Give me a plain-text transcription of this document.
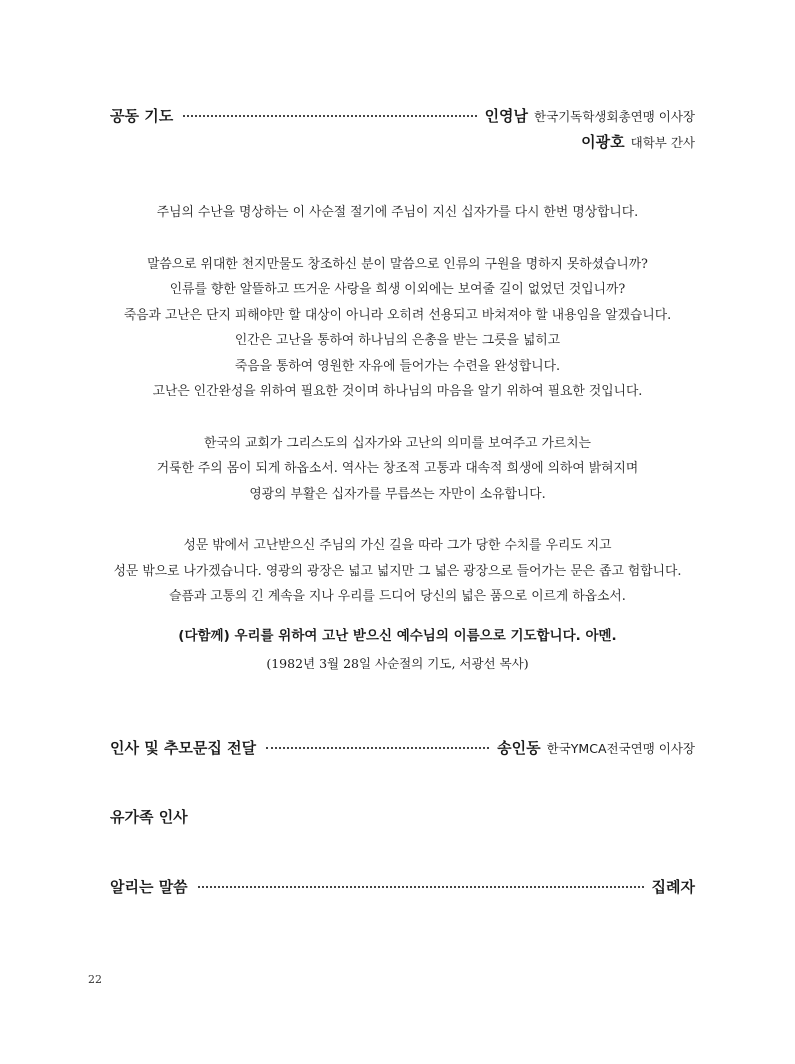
공동 기도	인영남 한국기독학생회총연맹 이사장
이광호 대학부 간사

주님의 수난을 명상하는 이 사순절 절기에 주님이 지신 십자가를 다시 한번 명상합니다.

말씀으로 위대한 천지만물도 창조하신 분이 말씀으로 인류의 구원을 명하지 못하셨습니까?

인류를 향한 알뜰하고 뜨거운 사랑을 희생 이외에는 보여줄 길이 없었던 것입니까?

죽음과 고난은 단지 피해야만 할 대상이 아니라 오히려 선용되고 바쳐져야 할 내용임을 알겠습니다.

인간은 고난을 통하여 하나님의 은총을 받는 그릇을 넓히고

죽음을 통하여 영원한 자유에 들어가는 수련을 완성합니다.

고난은 인간완성을 위하여 필요한 것이며 하나님의 마음을 알기 위하여 필요한 것입니다.

한국의 교회가 그리스도의 십자가와 고난의 의미를 보여주고 가르치는

거룩한 주의 몸이 되게 하옵소서. 역사는 창조적 고통과 대속적 희생에 의하여 밝혀지며

영광의 부활은 십자가를 무릅쓰는 자만이 소유합니다.

성문 밖에서 고난받으신 주님의 가신 길을 따라 그가 당한 수치를 우리도 지고

성문 밖으로 나가겠습니다. 영광의 광장은 넓고 넓지만 그 넓은 광장으로 들어가는 문은 좁고 험합니다.

슬픔과 고통의 긴 계속을 지나 우리를 드디어 당신의 넓은 품으로 이르게 하옵소서.

(다함께) 우리를 위하여 고난 받으신 예수님의 이름으로 기도합니다. 아멘.
(1982년 3월 28일 사순절의 기도, 서광선 목사)
인사 및 추모문집 전달	송인동 한국YMCA전국연맹 이사장
유가족 인사
알리는 말씀	집례자
22
